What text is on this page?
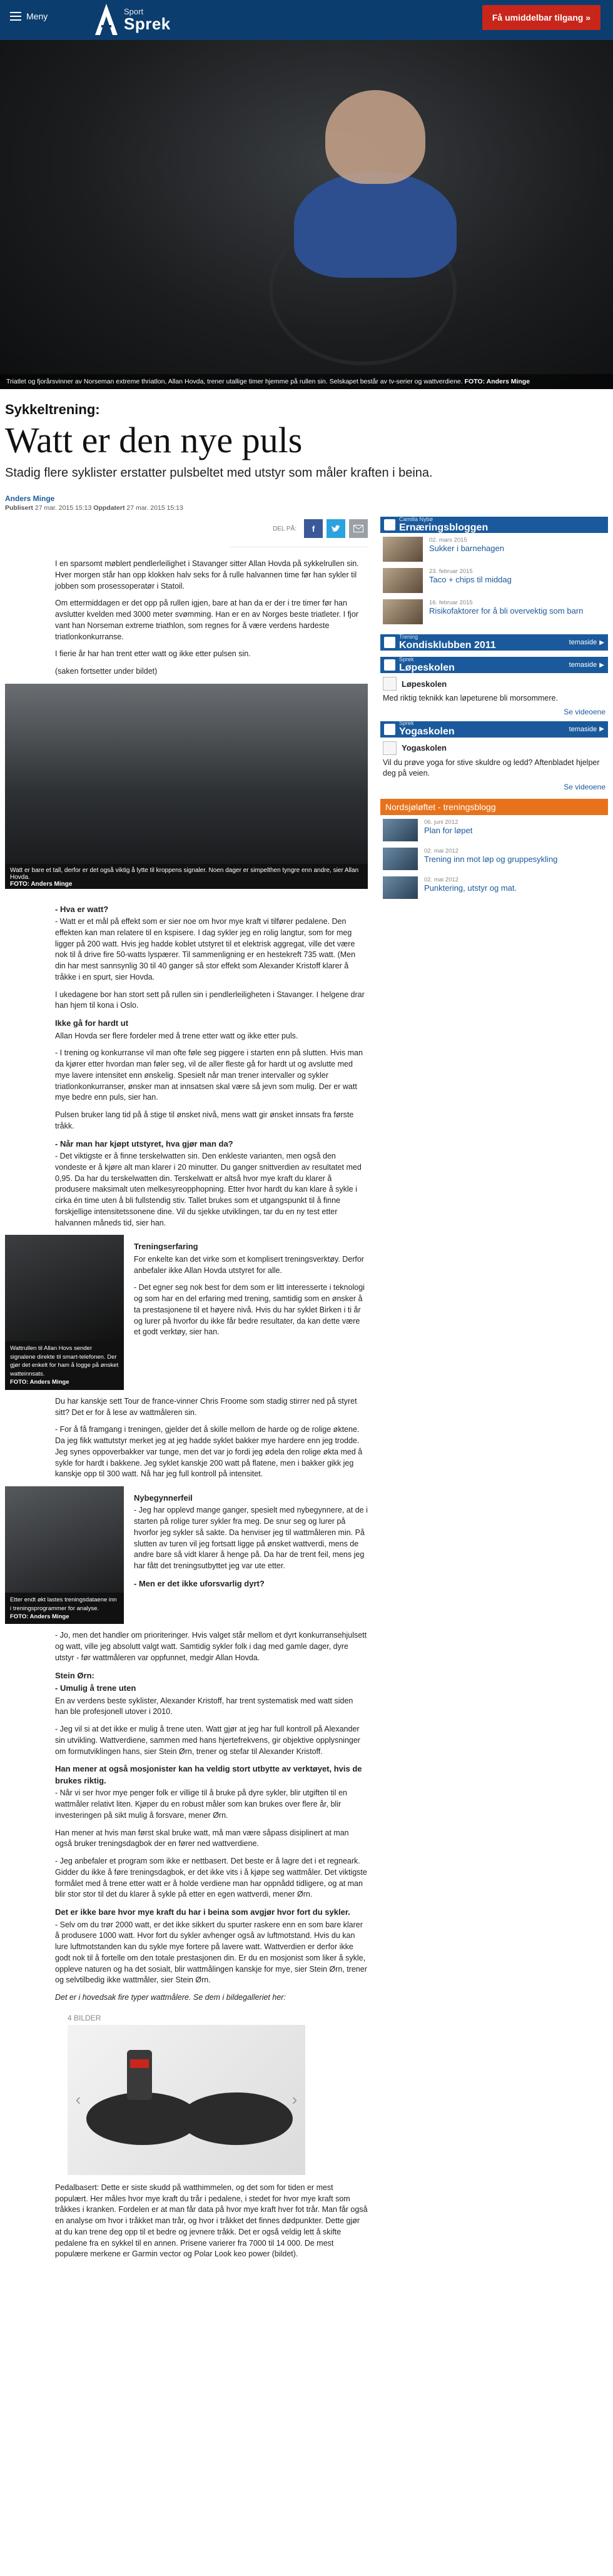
Meny	Sport
Sprek	Få umiddelbar tilgang »
Triatlet og fjorårsvinner av Norseman extreme thriatlon, Allan Hovda, trener utallige timer hjemme på rullen sin. Selskapet består av tv-serier og wattverdiene. FOTO: Anders Minge
Sykkeltrening:
Watt er den nye puls
Stadig flere syklister erstatter pulsbeltet med utstyr som måler kraften i beina.
Anders Minge
Publisert 27 mar. 2015 15:13 Oppdatert 27 mar. 2015 15:13
DEL PÅ: f

I en sparsomt møblert pendlerleilighet i Stavanger sitter Allan Hovda på sykkelrullen sin. Hver morgen står han opp klokken halv seks for å rulle halvannen time før han sykler til jobben som prosessoperatør i Statoil.

Om ettermiddagen er det opp på rullen igjen, bare at han da er der i tre timer før han avslutter kvelden med 3000 meter svømming. Han er en av Norges beste triatleter. I fjor vant han Norseman extreme triathlon, som regnes for å være verdens hardeste triatlonkonkurranse.

I fierie år har han trent etter watt og ikke etter pulsen sin.

(saken fortsetter under bildet)

Watt er bare et tall, derfor er det også viktig å lytte til kroppens signaler. Noen dager er simpelthen tyngre enn andre, sier Allan Hovda.
FOTO: Anders Minge
- Hva er watt?

- Watt er et mål på effekt som er sier noe om hvor mye kraft vi tilfører pedalene. Den effekten kan man relatere til en kspisere. I dag sykler jeg en rolig langtur, som for meg ligger på 200 watt. Hvis jeg hadde koblet utstyret til et elektrisk aggregat, ville det være nok til å drive fire 50-watts lyspærer. Til sammenligning er en hestekreft 735 watt. (Men din har mest sannsynlig 30 til 40 ganger så stor effekt som Alexander Kristoff klarer å tråkke i en spurt, sier Hovda.

I ukedagene bor han stort sett på rullen sin i pendlerleiligheten i Stavanger. I helgene drar han hjem til kona i Oslo.

Ikke gå for hardt ut

Allan Hovda ser flere fordeler med å trene etter watt og ikke etter puls.

- I trening og konkurranse vil man ofte føle seg piggere i starten enn på slutten. Hvis man da kjører etter hvordan man føler seg, vil de aller fleste gå for hardt ut og avslutte med mye lavere intensitet enn ønskelig. Spesielt når man trener intervaller og sykler triatlonkonkurranser, ønsker man at innsatsen skal være så jevn som mulig. Der er watt mye bedre enn puls, sier han.

Pulsen bruker lang tid på å stige til ønsket nivå, mens watt gir ønsket innsats fra første tråkk.

- Når man har kjøpt utstyret, hva gjør man da?

- Det viktigste er å finne terskelwatten sin. Den enkleste varianten, men også den vondeste er å kjøre alt man klarer i 20 minutter. Du ganger snittverdien av resultatet med 0,95. Da har du terskelwatten din. Terskelwatt er altså hvor mye kraft du klarer å produsere maksimalt uten melkesyreopphopning. Etter hvor hardt du kan klare å sykle i cirka én time uten å bli fullstendig stiv. Tallet brukes som et utgangspunkt til å finne forskjellige intensitetssonene dine. Vil du sjekke utviklingen, tar du en ny test etter halvannen måneds tid, sier han.

Wattrullen til Allan Hovs sender signalene direkte til smart-telefonen. Der gjør det enkelt for ham å logge på ønsket watteinnsats.
FOTO: Anders Minge
Treningserfaring

For enkelte kan det virke som et komplisert treningsverktøy. Derfor anbefaler ikke Allan Hovda utstyret for alle.

- Det egner seg nok best for dem som er litt interesserte i teknologi og som har en del erfaring med trening, samtidig som en ønsker å ta prestasjonene til et høyere nivå. Hvis du har syklet Birken i ti år og lurer på hvorfor du ikke får bedre resultater, da kan dette være et godt verktøy, sier han.

Du har kanskje sett Tour de france-vinner Chris Froome som stadig stirrer ned på styret sitt? Det er for å lese av wattmåleren sin.

- For å få framgang i treningen, gjelder det å skille mellom de harde og de rolige øktene. Da jeg fikk wattutstyr merket jeg at jeg hadde syklet bakker mye hardere enn jeg trodde. Jeg synes oppoverbakker var tunge, men det var jo fordi jeg ødela den rolige økta med å sykle for hardt i bakkene. Jeg syklet kanskje 200 watt på flatene, men i bakker gikk jeg kanskje opp til 300 watt. Nå har jeg full kontroll på intensitet.

Etter endt økt lastes treningsdataene inn i treningsprogrammer for analyse.
FOTO: Anders Minge
Nybegynnerfeil

- Jeg har opplevd mange ganger, spesielt med nybegynnere, at de i starten på rolige turer sykler fra meg. De snur seg og lurer på hvorfor jeg sykler så sakte. Da henviser jeg til wattmåleren min. På slutten av turen vil jeg fortsatt ligge på ønsket wattverdi, mens de andre bare så vidt klarer å henge på. Da har de trent feil, mens jeg har fått det treningsutbyttet jeg var ute etter.

- Men er det ikke uforsvarlig dyrt?

- Jo, men det handler om prioriteringer. Hvis valget står mellom et dyrt konkurransehjulsett og watt, ville jeg absolutt valgt watt. Samtidig sykler folk i dag med gamle dager, dyre utstyr - før wattmåleren var oppfunnet, medgir Allan Hovda.

Stein Ørn:
- Umulig å trene uten

En av verdens beste syklister, Alexander Kristoff, har trent systematisk med watt siden han ble profesjonell utover i 2010.

- Jeg vil si at det ikke er mulig å trene uten. Watt gjør at jeg har full kontroll på Alexander sin utvikling. Wattverdiene, sammen med hans hjertefrekvens, gir objektive opplysninger om formutviklingen hans, sier Stein Ørn, trener og stefar til Alexander Kristoff.

Han mener at også mosjonister kan ha veldig stort utbytte av verktøyet, hvis de brukes riktig.

- Når vi ser hvor mye penger folk er villige til å bruke på dyre sykler, blir utgiften til en wattmåler relativt liten. Kjøper du en robust måler som kan brukes over flere år, blir investeringen på sikt mulig å forsvare, mener Ørn.

Han mener at hvis man først skal bruke watt, må man være såpass disiplinert at man også bruker treningsdagbok der en fører ned wattverdiene.

- Jeg anbefaler et program som ikke er nettbasert. Det beste er å lagre det i et regneark. Gidder du ikke å føre treningsdagbok, er det ikke vits i å kjøpe seg wattmåler. Det viktigste formålet med å trene etter watt er å holde verdiene man har oppnådd tidligere, og at man blir stor stor til det du klarer å sykle på etter en egen wattverdi, mener Ørn.

Det er ikke bare hvor mye kraft du har i beina som avgjør hvor fort du sykler.

- Selv om du trør 2000 watt, er det ikke sikkert du spurter raskere enn en som bare klarer å produsere 1000 watt. Hvor fort du sykler avhenger også av luftmotstand. Hvis du kan lure luftmotstanden kan du sykle mye fortere på lavere watt. Wattverdien er derfor ikke godt nok til å fortelle om den totale prestasjonen din. Er du en mosjonist som liker å sykle, oppleve naturen og ha det sosialt, blir wattmålingen kanskje for mye, sier Stein Ørn, trener og selvtilbedig ikke wattmåler, sier Stein Ørn.

Det er i hovedsak fire typer wattmålere. Se dem i bildegalleriet her:

4 BILDER
‹	›

Pedalbasert: Dette er siste skudd på watthimmelen, og det som for tiden er mest populært. Her måles hvor mye kraft du trår i pedalene, i stedet for hvor mye kraft som tråkkes i kranken. Fordelen er at man får data på hvor mye kraft hver fot trår. Man får også en analyse om hvor i tråkket man trår, og hvor i tråkket det finnes dødpunkter. Dette gjør at du kan trene deg opp til et bedre og jevnere tråkk. Det er også veldig lett å skifte pedalene fra en sykkel til en annen. Prisene varierer fra 7000 til 14 000. De mest populære merkene er Garmin vector og Polar Look keo power (bildet).

Camilla Nybø
Ernæringsbloggen
02. mars 2015
Sukker i barnehagen
23. februar 2015
Taco + chips til middag
16. februar 2015
Risikofaktorer for å bli overvektig som barn
Trening
Kondisklubben 2011	temaside ▶
Sprek
Løpeskolen	temaside ▶
Løpeskolen
Med riktig teknikk kan løpeturene bli morsommere.
Se videoene
Sprek
Yogaskolen	temaside ▶
Yogaskolen
Vil du prøve yoga for stive skuldre og ledd? Aftenbladet hjelper deg på veien.
Se videoene
Nordsjøløftet - treningsblogg
06. juni 2012
Plan for løpet
02. mai 2012
Trening inn mot løp og gruppesykling
02. mai 2012
Punktering, utstyr og mat.
